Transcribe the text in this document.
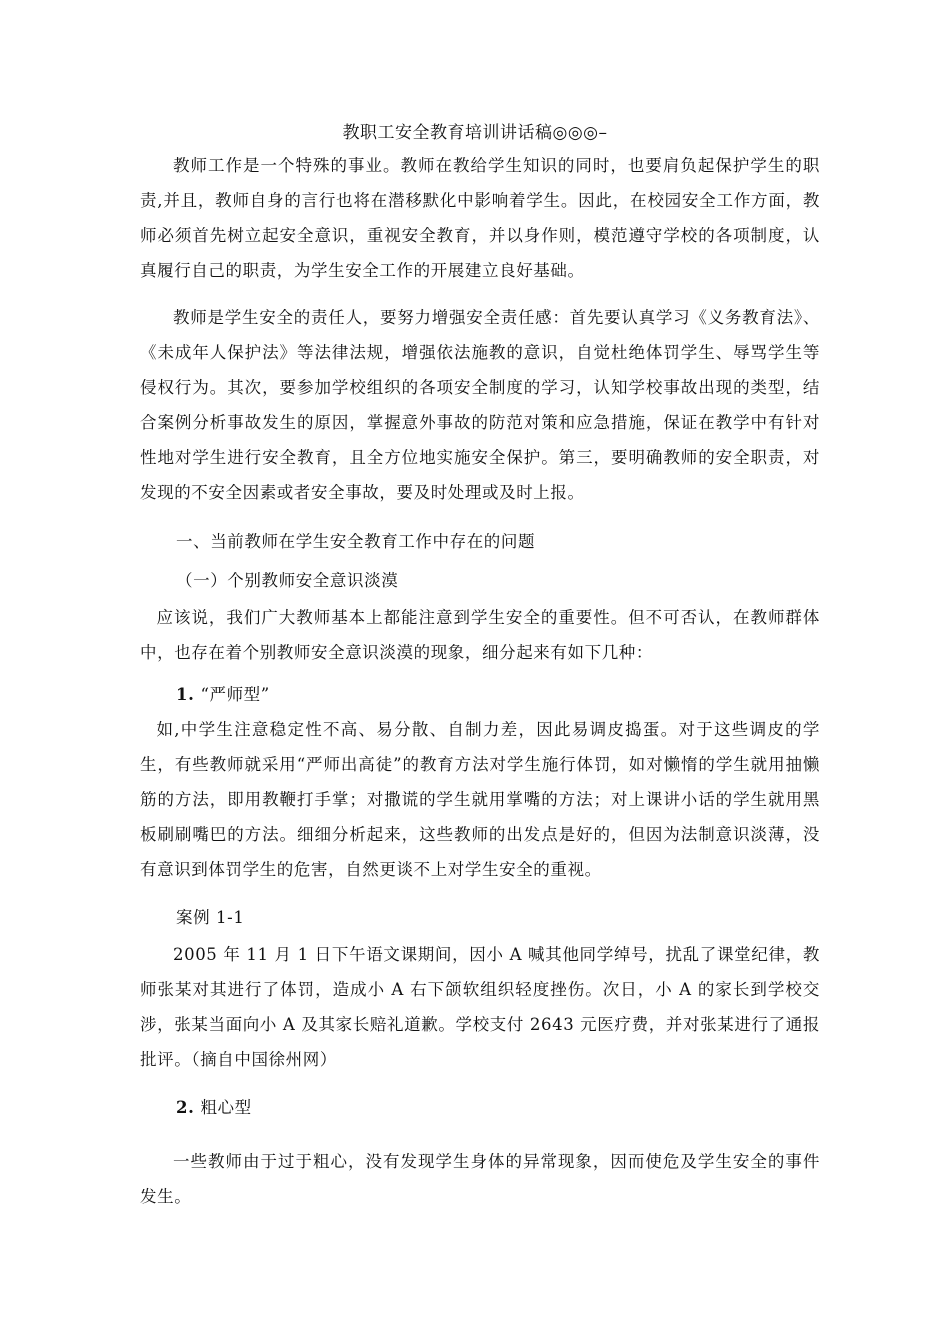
教职工安全教育培训讲话稿◎◎◎–

教师工作是一个特殊的事业。教师在教给学生知识的同时，也要肩负起保护学生的职责,并且，教师自身的言行也将在潜移默化中影响着学生。因此，在校园安全工作方面，教师必须首先树立起安全意识，重视安全教育，并以身作则，模范遵守学校的各项制度，认真履行自己的职责，为学生安全工作的开展建立良好基础。

教师是学生安全的责任人，要努力增强安全责任感：首先要认真学习《义务教育法》、《未成年人保护法》等法律法规，增强依法施教的意识，自觉杜绝体罚学生、辱骂学生等侵权行为。其次，要参加学校组织的各项安全制度的学习，认知学校事故出现的类型，结合案例分析事故发生的原因，掌握意外事故的防范对策和应急措施，保证在教学中有针对性地对学生进行安全教育，且全方位地实施安全保护。第三，要明确教师的安全职责，对发现的不安全因素或者安全事故，要及时处理或及时上报。

一、当前教师在学生安全教育工作中存在的问题
（一）个别教师安全意识淡漠

应该说，我们广大教师基本上都能注意到学生安全的重要性。但不可否认，在教师群体中，也存在着个别教师安全意识淡漠的现象，细分起来有如下几种：

1. “严师型”

如,中学生注意稳定性不高、易分散、自制力差，因此易调皮捣蛋。对于这些调皮的学生，有些教师就采用“严师出高徒”的教育方法对学生施行体罚，如对懒惰的学生就用抽懒筋的方法，即用教鞭打手掌；对撒谎的学生就用掌嘴的方法；对上课讲小话的学生就用黑板刷刷嘴巴的方法。细细分析起来，这些教师的出发点是好的，但因为法制意识淡薄，没有意识到体罚学生的危害，自然更谈不上对学生安全的重视。

案例 1-1

2005 年 11 月 1 日下午语文课期间，因小 A 喊其他同学绰号，扰乱了课堂纪律，教师张某对其进行了体罚，造成小 A 右下颌软组织轻度挫伤。次日，小 A 的家长到学校交涉，张某当面向小 A 及其家长赔礼道歉。学校支付 2643 元医疗费，并对张某进行了通报批评。（摘自中国徐州网）

2. 粗心型

一些教师由于过于粗心，没有发现学生身体的异常现象，因而使危及学生安全的事件发生。
